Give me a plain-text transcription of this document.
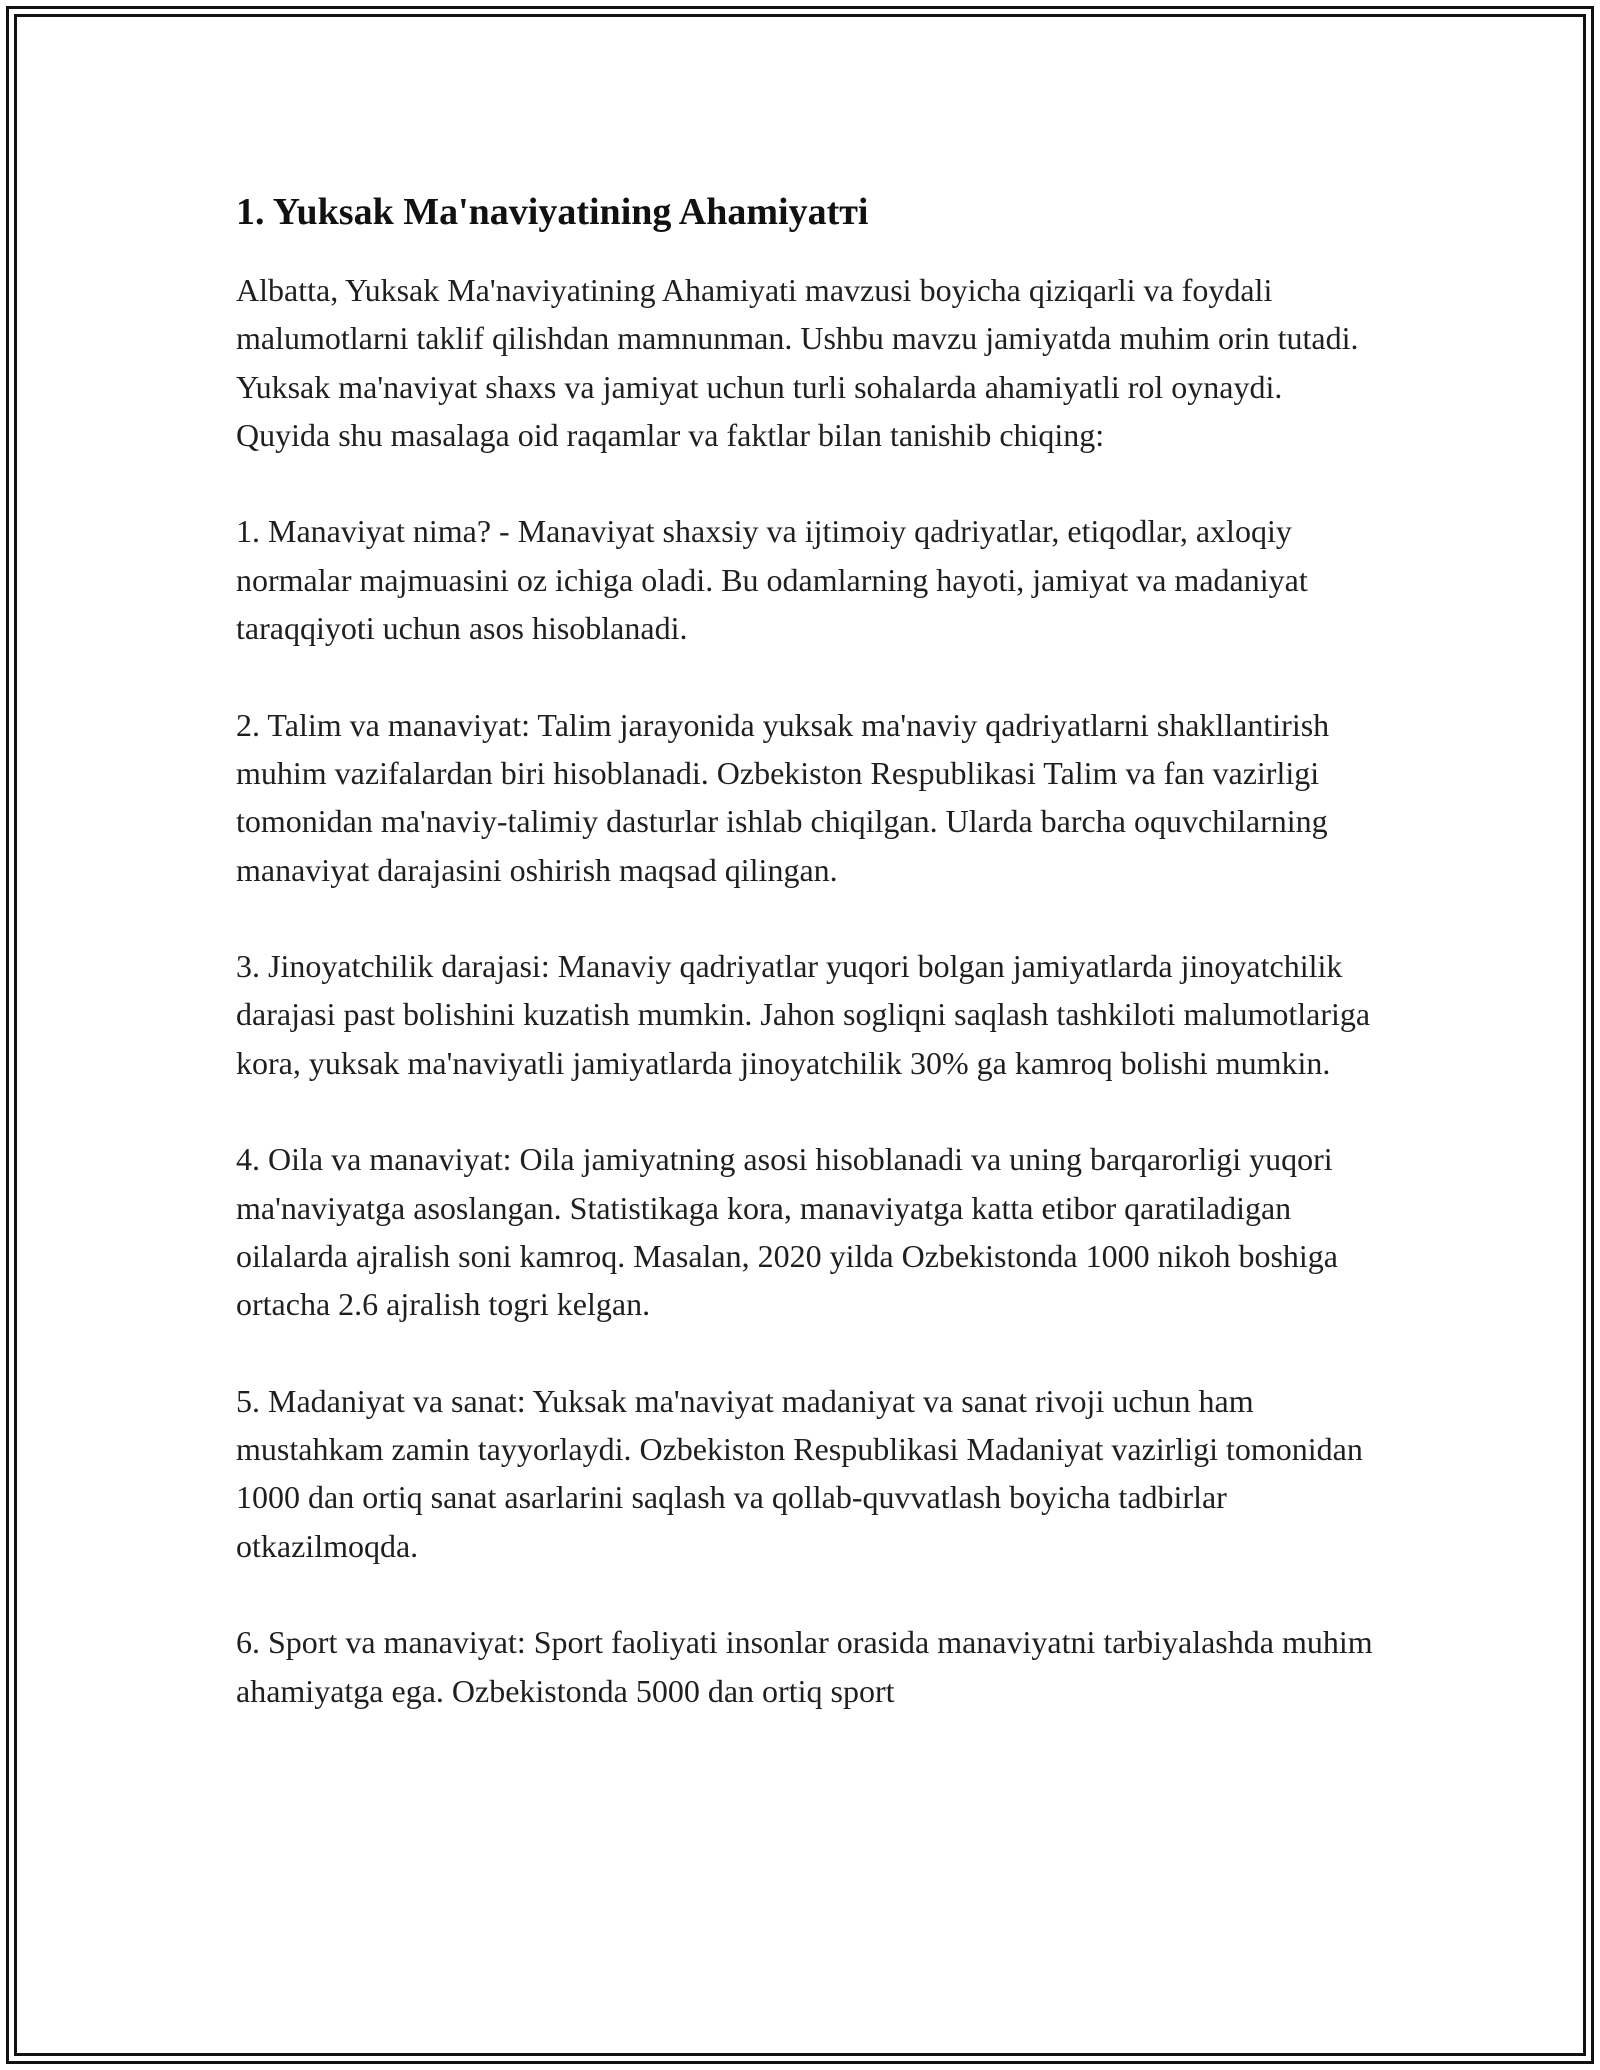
1. Yuksak Ma'naviyatining Ahamiyatті

Albatta, Yuksak Ma'naviyatining Ahamiyati mavzusi boyicha qiziqarli va foydali malumotlarni taklif qilishdan mamnunman. Ushbu mavzu jamiyatda muhim orin tutadi. Yuksak ma'naviyat shaxs va jamiyat uchun turli sohalarda ahamiyatli rol oynaydi. Quyida shu masalaga oid raqamlar va faktlar bilan tanishib chiqing:

1. Manaviyat nima? - Manaviyat shaxsiy va ijtimoiy qadriyatlar, etiqodlar, axloqiy normalar majmuasini oz ichiga oladi. Bu odamlarning hayoti, jamiyat va madaniyat taraqqiyoti uchun asos hisoblanadi.

2. Talim va manaviyat: Talim jarayonida yuksak ma'naviy qadriyatlarni shakllantirish muhim vazifalardan biri hisoblanadi. Ozbekiston Respublikasi Talim va fan vazirligi tomonidan ma'naviy-talimiy dasturlar ishlab chiqilgan. Ularda barcha oquvchilarning manaviyat darajasini oshirish maqsad qilingan.

3. Jinoyatchilik darajasi: Manaviy qadriyatlar yuqori bolgan jamiyatlarda jinoyatchilik darajasi past bolishini kuzatish mumkin. Jahon sogliqni saqlash tashkiloti malumotlariga kora, yuksak ma'naviyatli jamiyatlarda jinoyatchilik 30% ga kamroq bolishi mumkin.

4. Oila va manaviyat: Oila jamiyatning asosi hisoblanadi va uning barqarorligi yuqori ma'naviyatga asoslangan. Statistikaga kora, manaviyatga katta etibor qaratiladigan oilalarda ajralish soni kamroq. Masalan, 2020 yilda Ozbekistonda 1000 nikoh boshiga ortacha 2.6 ajralish togri kelgan.

5. Madaniyat va sanat: Yuksak ma'naviyat madaniyat va sanat rivoji uchun ham mustahkam zamin tayyorlaydi. Ozbekiston Respublikasi Madaniyat vazirligi tomonidan 1000 dan ortiq sanat asarlarini saqlash va qollab-quvvatlash boyicha tadbirlar otkazilmoqda.

6. Sport va manaviyat: Sport faoliyati insonlar orasida manaviyatni tarbiyalashda muhim ahamiyatga ega. Ozbekistonda 5000 dan ortiq sport
